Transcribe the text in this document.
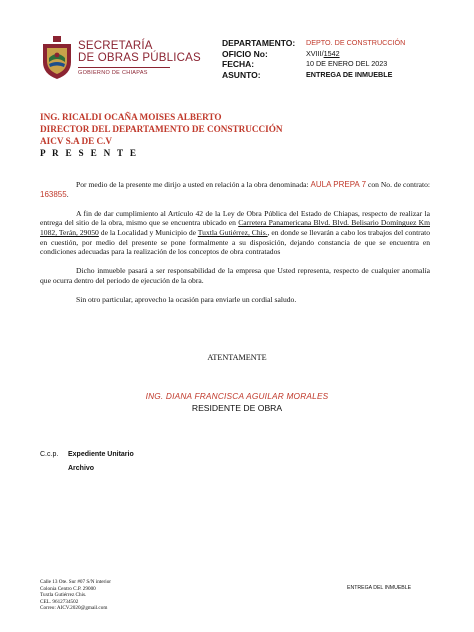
SECRETARÍA
DE OBRAS PÚBLICAS
GOBIERNO DE CHIAPAS
DEPARTAMENTO:	DEPTO. DE CONSTRUCCIÓN
OFICIO No:	XVIII/1542
FECHA:	10 DE ENERO DEL 2023
ASUNTO:	ENTREGA DE INMUEBLE
ING. RICALDI OCAÑA MOISES ALBERTO
DIRECTOR DEL DEPARTAMENTO DE CONSTRUCCIÓN
AICV S.A DE C.V
P R E S E N T E

Por medio de la presente me dirijo a usted en relación a la obra denominada: AULA PREPA 7 con No. de contrato: 163855.

A fin de dar cumplimiento al Artículo 42 de la Ley de Obra Pública del Estado de Chiapas, respecto de realizar la entrega del sitio de la obra, mismo que se encuentra ubicado en Carretera Panamericana Blvd. Blvd. Belisario Domínguez Km 1082, Terán, 29050 de la Localidad y Municipio de Tuxtla Gutiérrez, Chis., en donde se llevarán a cabo los trabajos del contrato en cuestión, por medio del presente se pone formalmente a su disposición, dejando constancia de que se encuentra en condiciones adecuadas para la realización de los conceptos de obra contratados

Dicho inmueble pasará a ser responsabilidad de la empresa que Usted representa, respecto de cualquier anomalía que ocurra dentro del periodo de ejecución de la obra.

Sin otro particular, aprovecho la ocasión para enviarle un cordial saludo.

ATENTAMENTE
ING. DIANA FRANCISCA AGUILAR MORALES
RESIDENTE DE OBRA
C.c.p. Expediente Unitario
Archivo
Calle 13 Ote. Sur #07 S/N interior
Colonia Centro C.P. 29000
Tuxtla Gutiérrez Chis.
CEL. 9612734502
Correo: AICV.2020@gmail.com
ENTREGA DEL INMUEBLE
